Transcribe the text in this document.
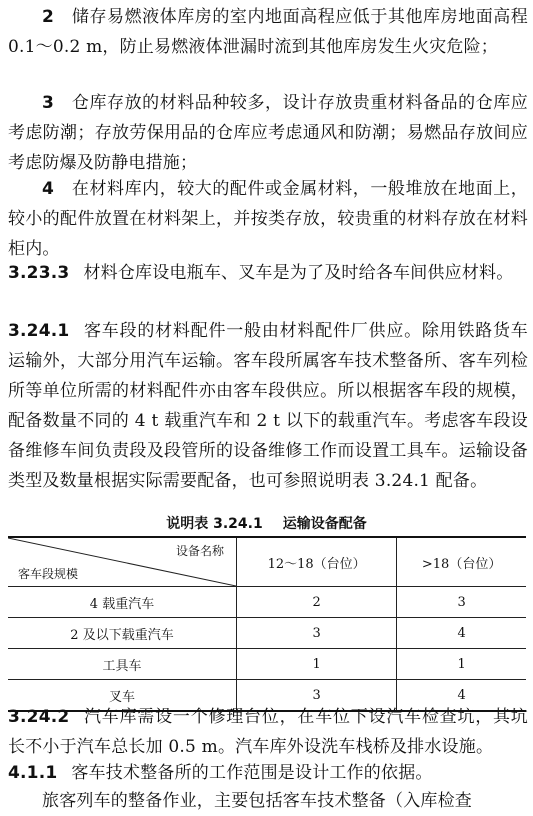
2 储存易燃液体库房的室内地面高程应低于其他库房地面高程 0.1～0.2 m，防止易燃液体泄漏时流到其他库房发生火灾危险；
3 仓库存放的材料品种较多，设计存放贵重材料备品的仓库应考虑防潮；存放劳保用品的仓库应考虑通风和防潮；易燃品存放间应考虑防爆及防静电措施；
4 在材料库内，较大的配件或金属材料，一般堆放在地面上，较小的配件放置在材料架上，并按类存放，较贵重的材料存放在材料柜内。
3.23.3 材料仓库设电瓶车、叉车是为了及时给各车间供应材料。
3.24.1 客车段的材料配件一般由材料配件厂供应。除用铁路货车运输外，大部分用汽车运输。客车段所属客车技术整备所、客车列检所等单位所需的材料配件亦由客车段供应。所以根据客车段的规模，配备数量不同的 4 t 载重汽车和 2 t 以下的载重汽车。考虑客车段设备维修车间负责段及段管所的设备维修工作而设置工具车。运输设备类型及数量根据实际需要配备，也可参照说明表 3.24.1 配备。
说明表 3.24.1 运输设备配备
设备名称
客车段规模	12～18（台位）	>18（台位）
4 载重汽车	2	3
2 及以下载重汽车	3	4
工具车	1	1
叉车	3	4
3.24.2 汽车库需设一个修理台位，在车位下设汽车检查坑，其坑长不小于汽车总长加 0.5 m。汽车库外设洗车栈桥及排水设施。
4.1.1 客车技术整备所的工作范围是设计工作的依据。
旅客列车的整备作业，主要包括客车技术整备（入库检查
